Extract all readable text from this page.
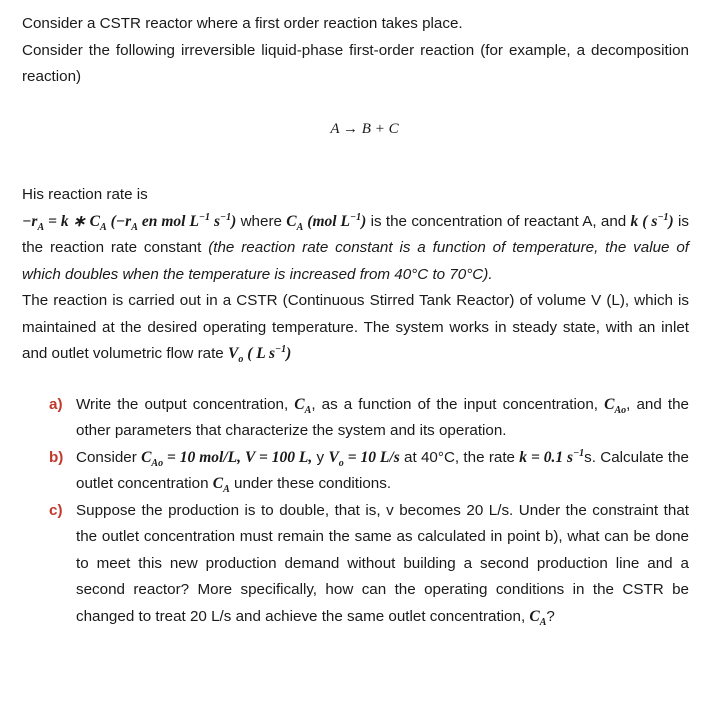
Consider a CSTR reactor where a first order reaction takes place.

Consider the following irreversible liquid-phase first-order reaction (for example, a decomposition reaction)

A → B + C

His reaction rate is

$-r_A = k$ ∗ $C_A$ ($-r_A$ en mol $L^{-1}$ $s^{-1}$) where $C_A$ (mol $L^{-1}$) is the concentration of reactant A, and k ( $s^{-1}$) is the reaction rate constant (the reaction rate constant is a function of temperature, the value of which doubles when the temperature is increased from 40°C to 70°C).

The reaction is carried out in a CSTR (Continuous Stirred Tank Reactor) of volume V (L), which is maintained at the desired operating temperature. The system works in steady state, with an inlet and outlet volumetric flow rate $V_o$ ( L $s^{-1}$)

a) Write the output concentration, $C_A$, as a function of the input concentration, $C_{Ao}$, and the other parameters that characterize the system and its operation.
b) Consider $C_{Ao} = 10$ mol/L, V = 100 L, y $V_o = 10$ L/s at 40°C, the rate k = 0.1 $s^{-1}s$. Calculate the outlet concentration $C_A$ under these conditions.
c) Suppose the production is to double, that is, v becomes 20 L/s. Under the constraint that the outlet concentration must remain the same as calculated in point b), what can be done to meet this new production demand without building a second production line and a second reactor? More specifically, how can the operating conditions in the CSTR be changed to treat 20 L/s and achieve the same outlet concentration, $C_A$?
